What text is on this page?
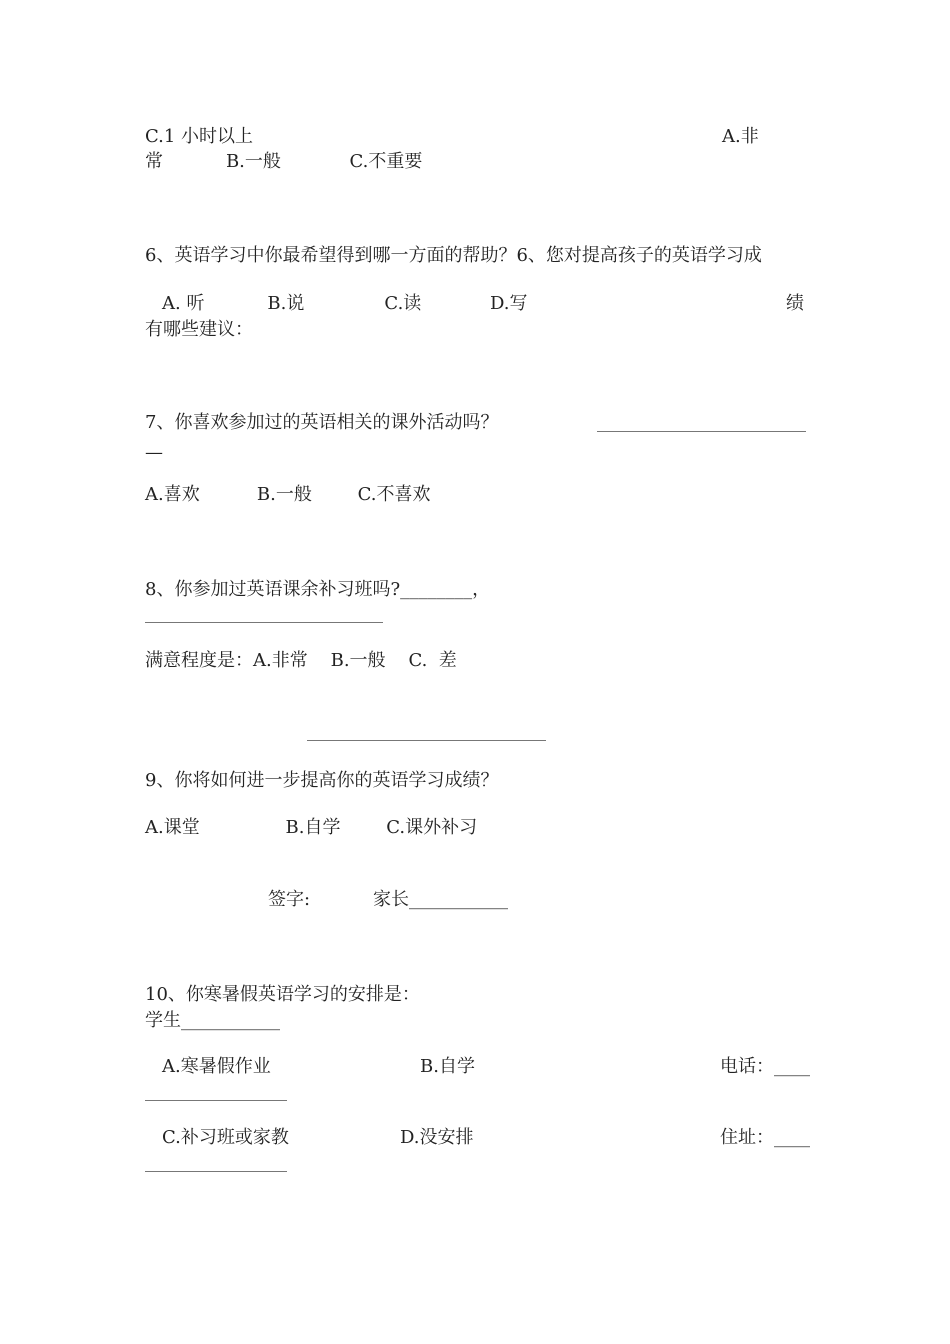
C.1 小时以上	A.非
常           B.一般            C.不重要
6、英语学习中你最希望得到哪一方面的帮助？6、您对提高孩子的英语学习成
A. 听           B.说              C.读            D.写	绩
有哪些建议：
7、你喜欢参加过的英语相关的课外活动吗？
—
A.喜欢          B.一般        C.不喜欢
8、你参加过英语课余补习班吗?________，
满意程度是：A.非常    B.一般    C.  差
9、你将如何进一步提高你的英语学习成绩？
A.课堂               B.自学        C.课外补习
签字:           家长___________
10、你寒暑假英语学习的安排是：
学生___________
A.寒暑假作业	B.自学	电话：____
C.补习班或家教	D.没安排	住址：____
